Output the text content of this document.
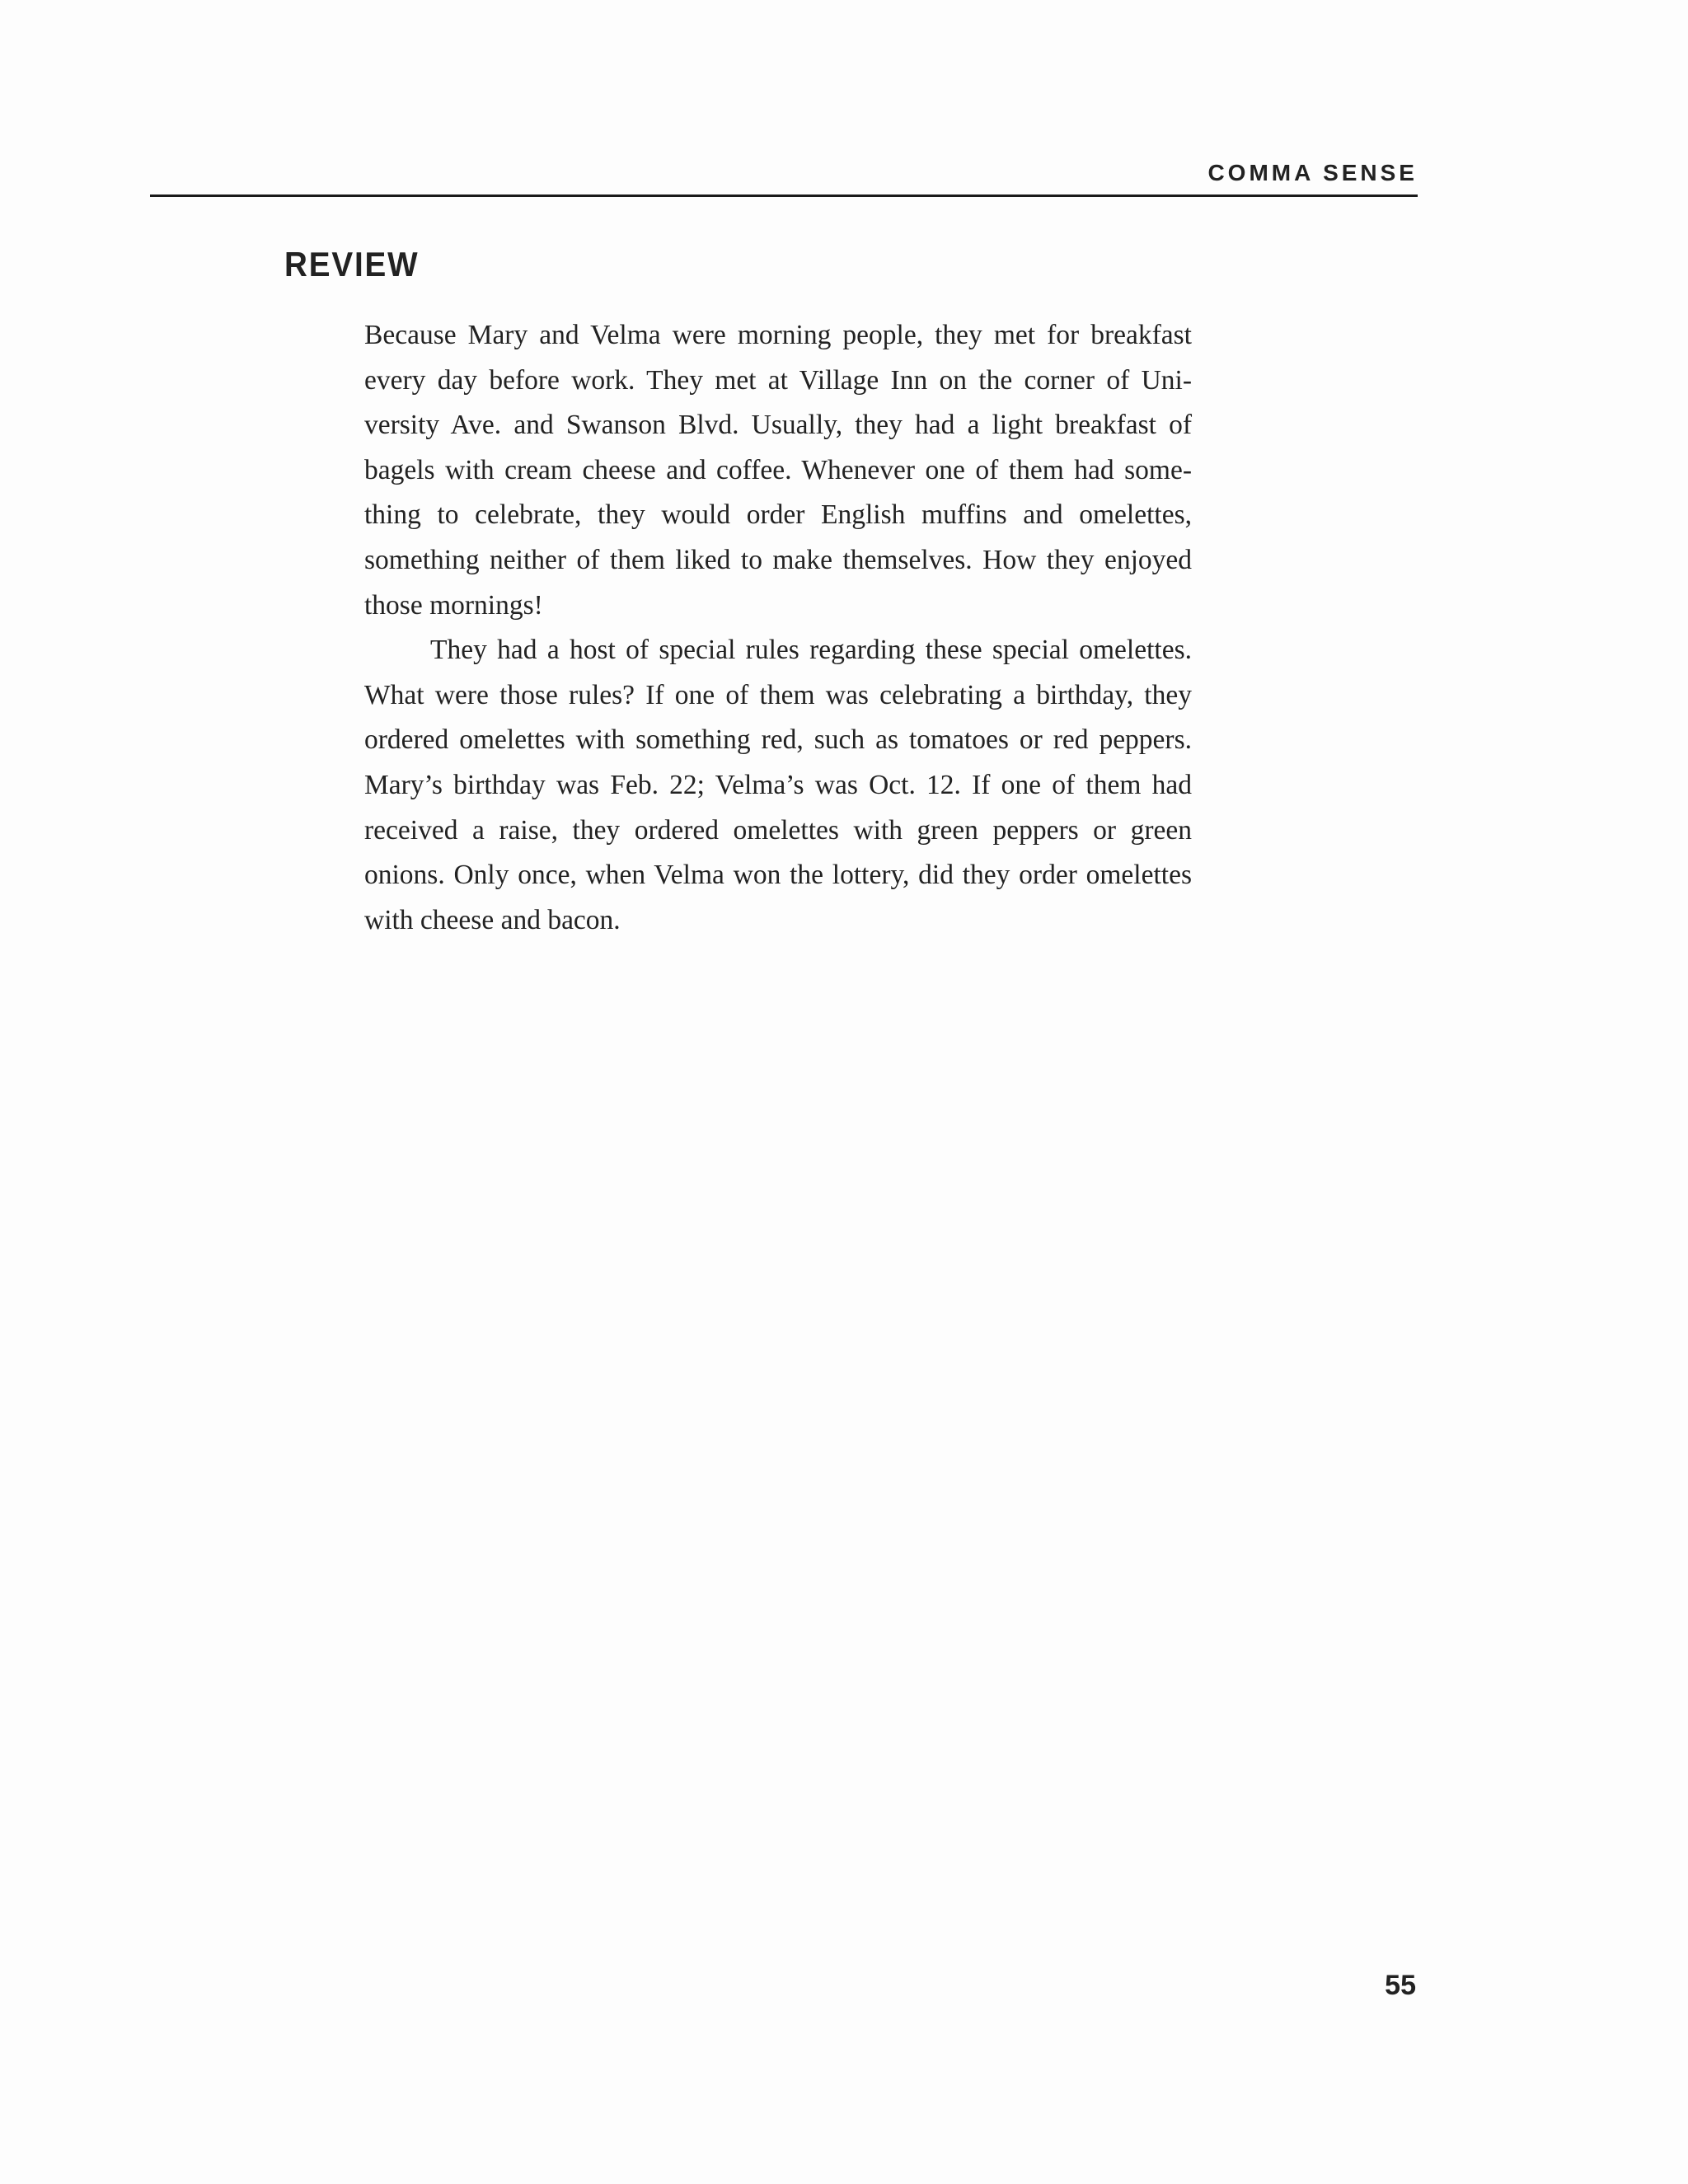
COMMA SENSE
REVIEW
Because Mary and Velma were morning people, they met for breakfast
every day before work. They met at Village Inn on the corner of Uni-
versity Ave. and Swanson Blvd. Usually, they had a light breakfast of
bagels with cream cheese and coffee. Whenever one of them had some-
thing to celebrate, they would order English muffins and omelettes,
something neither of them liked to make themselves. How they enjoyed
those mornings!
They had a host of special rules regarding these special omelettes.
What were those rules? If one of them was celebrating a birthday, they
ordered omelettes with something red, such as tomatoes or red peppers.
Mary’s birthday was Feb. 22; Velma’s was Oct. 12. If one of them had
received a raise, they ordered omelettes with green peppers or green
onions. Only once, when Velma won the lottery, did they order omelettes
with cheese and bacon.
55
